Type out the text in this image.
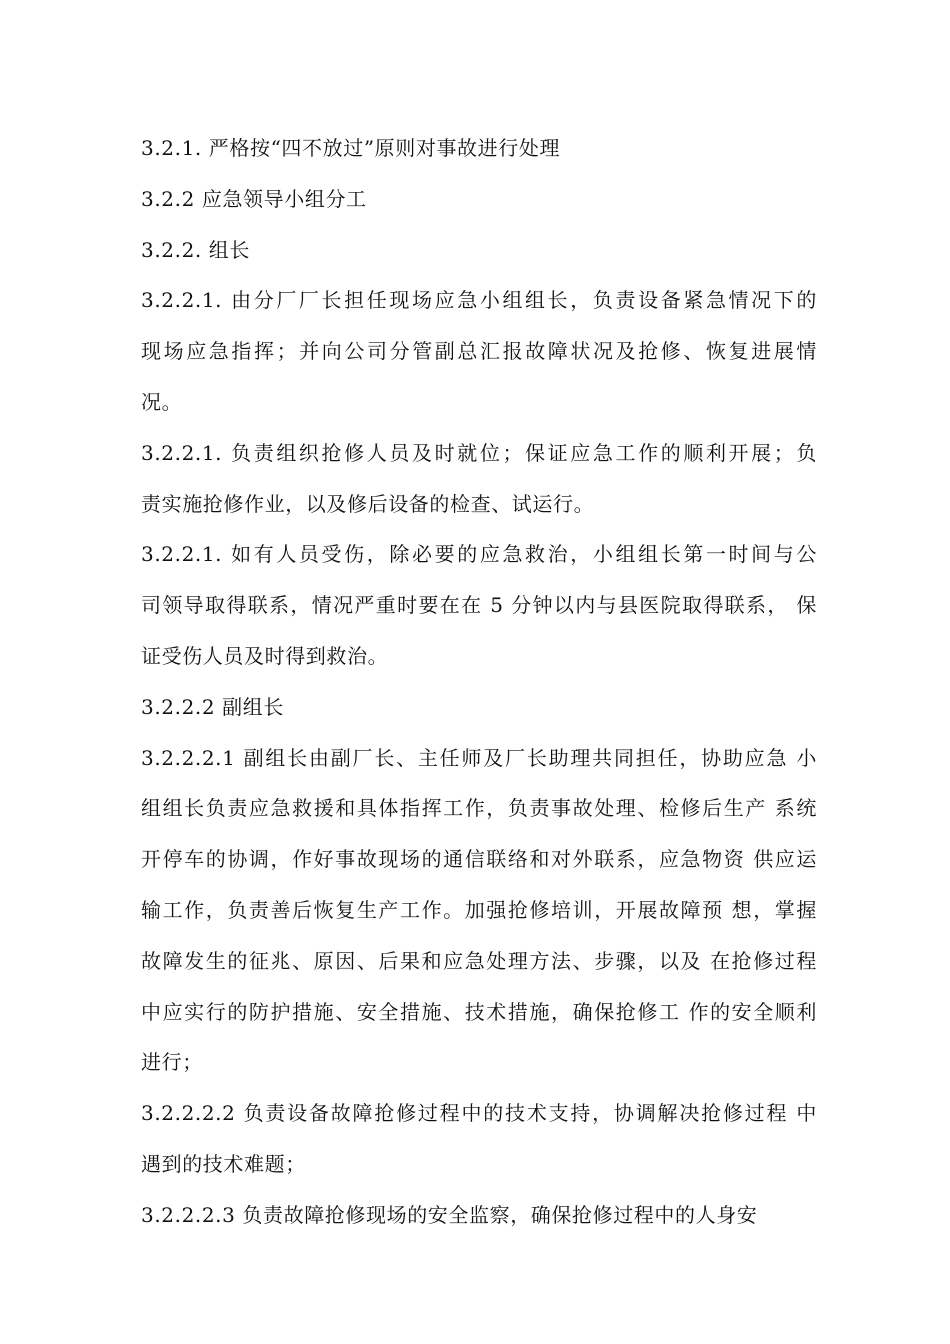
3.2.1. 严格按“四不放过”原则对事故进行处理
3.2.2 应急领导小组分工
3.2.2. 组长
3.2.2.1. 由分厂厂长担任现场应急小组组长，负责设备紧急情况下的
现场应急指挥；并向公司分管副总汇报故障状况及抢修、恢复进展情
况。
3.2.2.1. 负责组织抢修人员及时就位；保证应急工作的顺利开展；负
责实施抢修作业，以及修后设备的检查、试运行。
3.2.2.1. 如有人员受伤，除必要的应急救治，小组组长第一时间与公
司领导取得联系，情况严重时要在在 5 分钟以内与县医院取得联系， 保
证受伤人员及时得到救治。
3.2.2.2 副组长
3.2.2.2.1 副组长由副厂长、主任师及厂长助理共同担任，协助应急 小
组组长负责应急救援和具体指挥工作，负责事故处理、检修后生产 系统
开停车的协调，作好事故现场的通信联络和对外联系，应急物资 供应运
输工作，负责善后恢复生产工作。加强抢修培训，开展故障预 想，掌握
故障发生的征兆、原因、后果和应急处理方法、步骤，以及 在抢修过程
中应实行的防护措施、安全措施、技术措施，确保抢修工 作的安全顺利
进行；
3.2.2.2.2 负责设备故障抢修过程中的技术支持，协调解决抢修过程 中
遇到的技术难题；
3.2.2.2.3 负责故障抢修现场的安全监察，确保抢修过程中的人身安
